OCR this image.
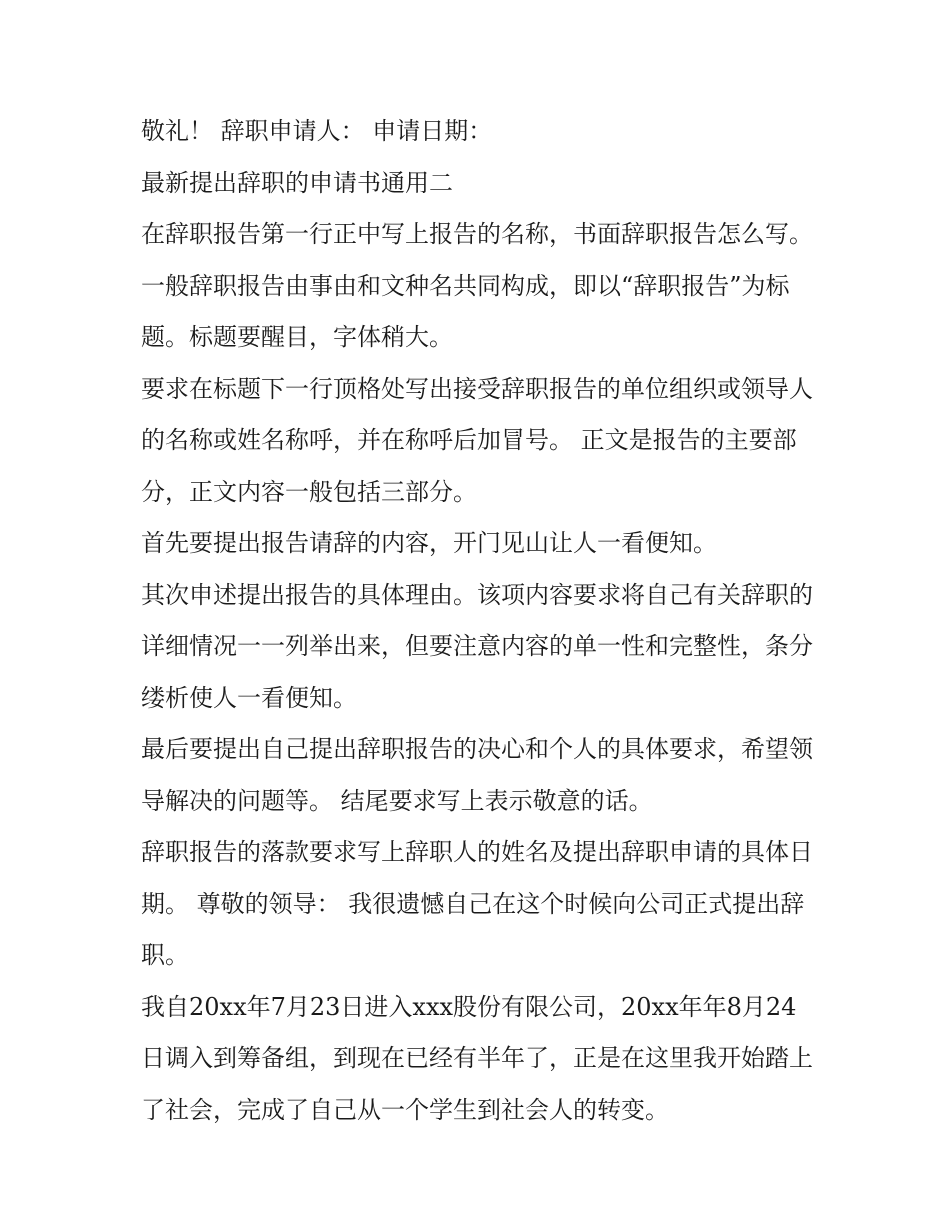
敬礼！ 辞职申请人： 申请日期：

最新提出辞职的申请书通用二

在辞职报告第一行正中写上报告的名称，书面辞职报告怎么写。一般辞职报告由事由和文种名共同构成，即以“辞职报告”为标题。标题要醒目，字体稍大。

要求在标题下一行顶格处写出接受辞职报告的单位组织或领导人的名称或姓名称呼，并在称呼后加冒号。 正文是报告的主要部分，正文内容一般包括三部分。

首先要提出报告请辞的内容，开门见山让人一看便知。

其次申述提出报告的具体理由。该项内容要求将自己有关辞职的详细情况一一列举出来，但要注意内容的单一性和完整性，条分缕析使人一看便知。

最后要提出自己提出辞职报告的决心和个人的具体要求，希望领导解决的问题等。 结尾要求写上表示敬意的话。

辞职报告的落款要求写上辞职人的姓名及提出辞职申请的具体日期。 尊敬的领导： 我很遗憾自己在这个时候向公司正式提出辞职。

我自20xx年7月23日进入xxx股份有限公司，20xx年年8月24日调入到筹备组，到现在已经有半年了，正是在这里我开始踏上了社会，完成了自己从一个学生到社会人的转变。
